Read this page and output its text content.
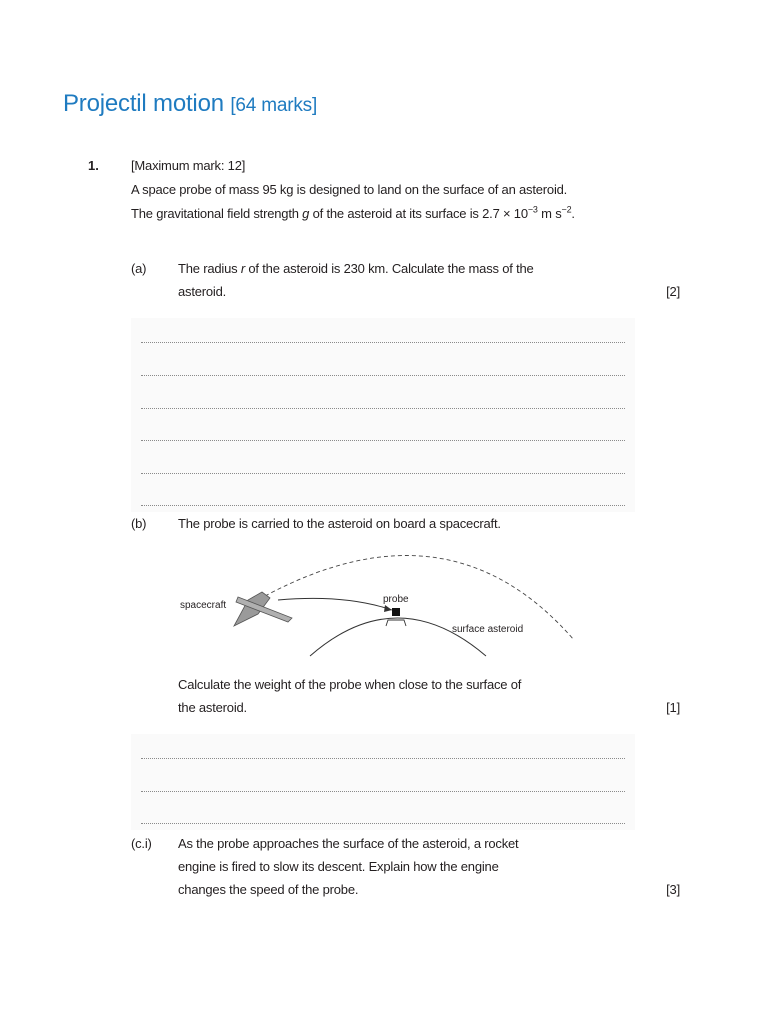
Projectil motion [64 marks]
1. [Maximum mark: 12]
A space probe of mass 95 kg is designed to land on the surface of an asteroid.
The gravitational field strength g of the asteroid at its surface is $2.7 \times 10^{-3}$ m $s^{-2}$.
(a) The radius r of the asteroid is 230 km. Calculate the mass of the
asteroid.	[2]
(b) The probe is carried to the asteroid on board a spacecraft.
spacecraft
probe
surface asteroid
Calculate the weight of the probe when close to the surface of
the asteroid.	[1]
(c.i) As the probe approaches the surface of the asteroid, a rocket
engine is fired to slow its descent. Explain how the engine
changes the speed of the probe.	[3]
